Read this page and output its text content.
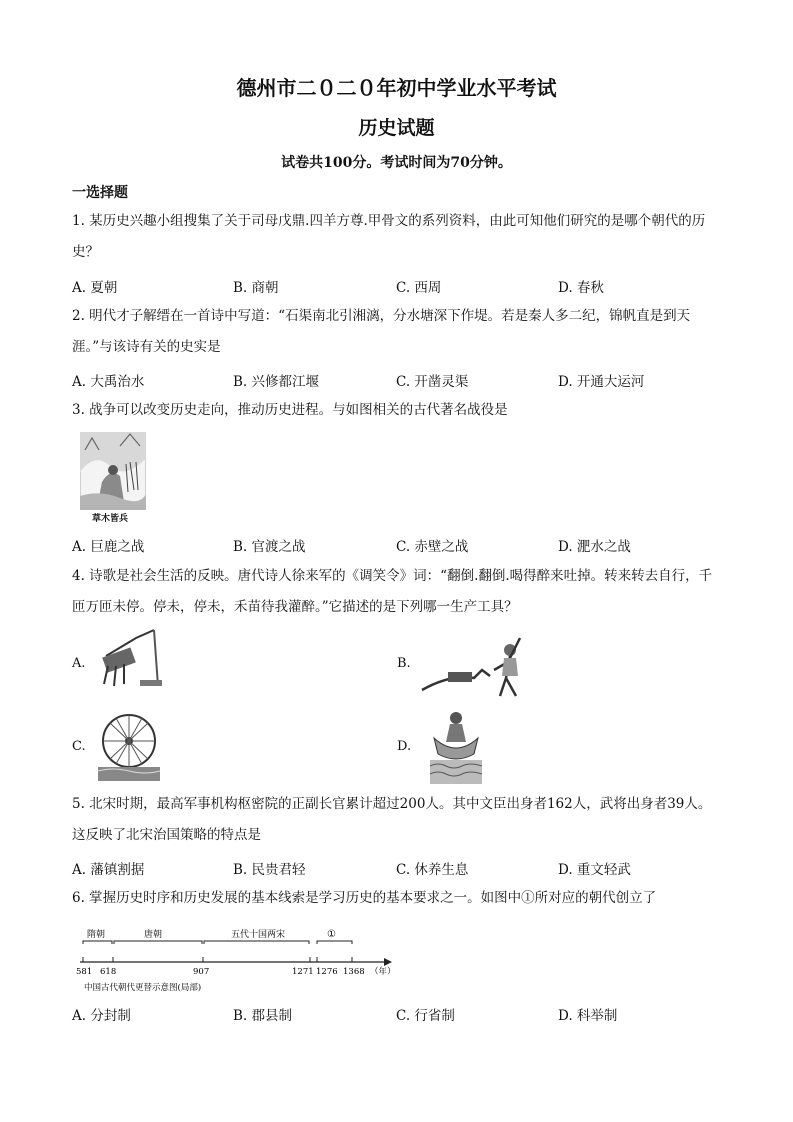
德州市二０二０年初中学业水平考试
历史试题
试卷共100分。考试时间为70分钟。
一选择题
1. 某历史兴趣小组搜集了关于司母戊鼎.四羊方尊.甲骨文的系列资料，由此可知他们研究的是哪个朝代的历史？
A. 夏朝	B. 商朝	C. 西周	D. 春秋
2. 明代才子解缙在一首诗中写道：“石渠南北引湘漓，分水塘深下作堤。若是秦人多二纪，锦帆直是到天涯。”与该诗有关的史实是
A. 大禹治水	B. 兴修都江堰	C. 开凿灵渠	D. 开通大运河
3. 战争可以改变历史走向，推动历史进程。与如图相关的古代著名战役是
草木皆兵
A. 巨鹿之战	B. 官渡之战	C. 赤壁之战	D. 淝水之战
4. 诗歌是社会生活的反映。唐代诗人徐来军的《调笑令》词：“翻倒.翻倒.喝得醉来吐掉。转来转去自行，千匝万匝未停。停未，停未，禾苗待我灌醉。”它描述的是下列哪一生产工具？
A.	B.
C.	D.
5. 北宋时期，最高军事机构枢密院的正副长官累计超过200人。其中文臣出身者162人，武将出身者39人。这反映了北宋治国策略的特点是
A. 藩镇割据	B. 民贵君轻	C. 休养生息	D. 重文轻武
6. 掌握历史时序和历史发展的基本线索是学习历史的基本要求之一。如图中①所对应的朝代创立了
隋朝	唐朝	五代十国两宋	①
581 618	907	1271 1276 1368 （年）
中国古代朝代更替示意图(局部)
A. 分封制	B. 郡县制	C. 行省制	D. 科举制
